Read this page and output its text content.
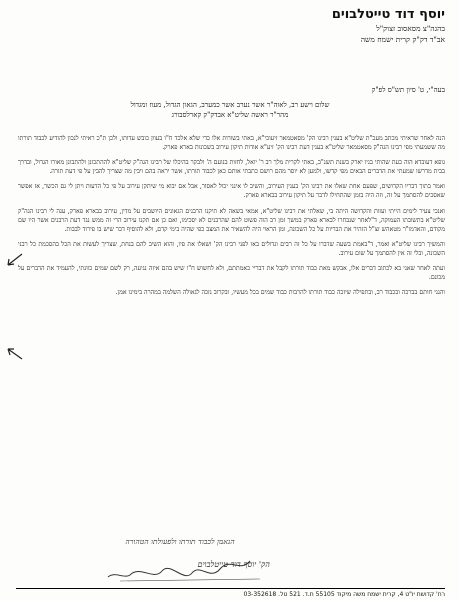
יוסף דוד טייטלבוים
בהגה"צ מסאסוב זצוק"ל
אב"ד דק"ק קרית ישמח משה
בעה"י, ט' סיון תש"ס לפ"ק
שלום וישע רב, לאוה"ר אשר נערב אשר כמערב, הגאון הגדול, מעוז ומגדול
מהר"ר ראשה שליט"א אבדק"ק קארלסבורג

הנה לאחר שראיתי מכתב מעכ"ת שליט"א בענין רבינו הק' מסאטמאר זיעוכי"א, באתי בשורות אלו כדי שלא אלכד ח"ו בעוון כובש עדותו, ולכן ת"כ ראיתי לנכון להודיע לכבוד תורתו מה ששמעתי מפי רבינו הגה"ק מסאטמאר שליט"א בענין דעת רבינו הק' זיע"א אודות תיקון עירוב בשכונות בארא פארק.

גופא דעובדא הוה כעת שהותי בניו יארק בשנת תשנ"ב, באתי לקרית מלך רב ר' יואל, לחזות בנועם ה' ולבקר בהיכלו של רבינו הגה"ק שליט"א לההתכונן ולהתבונן מאורו הגדול, ובדרך בבית מדרשו שמעתי את הדברים הבאים מפי קדשו, ולמען לא יוסר מהם רושם כתבתי אותם כאן לכבוד תורתו, אשר יראה בהם ויבין מה שצריך להבין על פי דעת תורה.

ואמר בתוך דבריו הקדושים, שפעם אחת שאלו את רבינו הק' בענין העירוב, והשיב לו אינני יכול לאסור, אבל אם יבוא מי שיתקן עירוב על פי כל הדעות ויתן לי גם הכשר, אז אפשר שאסכים להסתמך על זה, וזה היה בזמן שהתחילו לדבר על תיקון עירוב בבארא פארק.

ואנכי צעיר לימים הייתי ועזות והקדושה היתה בי, שאלתי את רבינו שליט"א, אמאי בשאה לא תיקנו הרבנים הגאונים היושבים על מדין, עירוב בבארא פארק, ענה לי רבינו הגה"ק שליט"א בתשובתו העמוקה, ד"לאחר שנבחרו לבארא פארק במשך זמן רב הוה פשוט להם שהרבנים לא יסכימו, ואם כן אם תקנו עירוב הרי זה ממש נגד דעת הרבנים אשר היו שם מקודם, והאדמו"ר מטאהש זצ"ל הזהיר את הבריות על כל השכונה, ומן הראוי היה להשאיר את המצב כפי שהיה בימי קדם, ולא להוסיף דבר שיש בו פירוד לבבות.

והמשיך רבינו שליט"א ואמר, ד"באמת בשעה שדברו על כל זה רבים וגדולים באו לפני רבינו הק' ושאלו את פיו, והוא השיב להם בנחת, שצריך לעשות את הכל בהסכמת כל רבני השכונה, ובלי זה אין להסתמך על שום עירוב.

ועתה לאחר שאני בא לכתוב דברים אלו, אבקש מאת כבוד תורתו לקבל את דבריי כאמתתם, ולא לחשוש ח"ו שיש בהם איזה נגיעה, רק לשם שמים כוונתי, להעמיד את הדברים על מכונם.

והנני חותם בברכה ובכבוד רב, ובתפילה שיזכה כבוד תורתו להרבות כבוד שמים בכל מעשיו, ובקרוב נזכה לגאולה השלמה במהרה בימינו אמן.

הנאמן לכבוד תורתו ולפעולתו הטהורה
הק' יוסף דוד טייטלבוים
רח' קדושת יו"ט 4, קרית ישמח משה מיקוד 55105 ת.ד. 521 טל. 03-352618
